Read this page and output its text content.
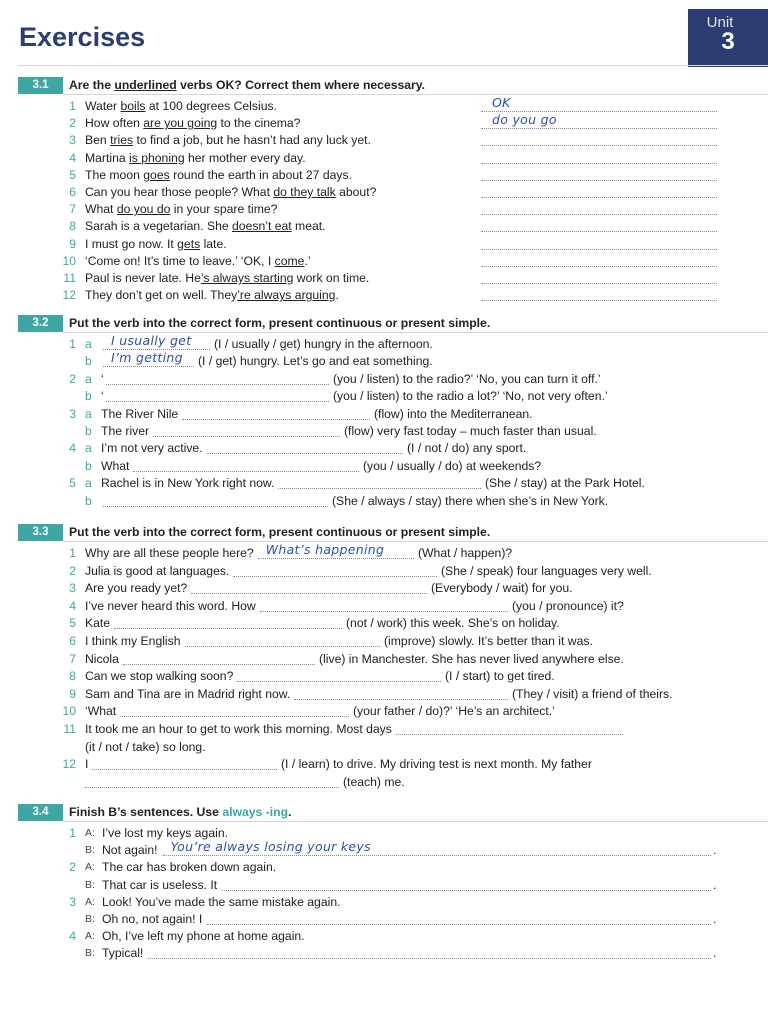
Exercises	Unit
3
3.1	Are the underlined verbs OK? Correct them where necessary.
1 Water boils at 100 degrees Celsius.	OK
2 How often are you going to the cinema?	do you go
3 Ben tries to find a job, but he hasn’t had any luck yet.
4 Martina is phoning her mother every day.
5 The moon goes round the earth in about 27 days.
6 Can you hear those people? What do they talk about?
7 What do you do in your spare time?
8 Sarah is a vegetarian. She doesn’t eat meat.
9 I must go now. It gets late.
10 ‘Come on! It’s time to leave.’ ‘OK, I come.’
11 Paul is never late. He’s always starting work on time.
12 They don’t get on well. They’re always arguing.
3.2	Put the verb into the correct form, present continuous or present simple.
1 a I usually get (I / usually / get) hungry in the afternoon.
b I’m getting (I / get) hungry. Let’s go and eat something.
2 a ‘	(you / listen) to the radio?’ ‘No, you can turn it off.’
b ‘	(you / listen) to the radio a lot?’ ‘No, not very often.’
3 a The River Nile	(flow) into the Mediterranean.
b The river	(flow) very fast today – much faster than usual.
4 a I’m not very active.	(I / not / do) any sport.
b What	(you / usually / do) at weekends?
5 a Rachel is in New York right now.	(She / stay) at the Park Hotel.
b	(She / always / stay) there when she’s in New York.
3.3	Put the verb into the correct form, present continuous or present simple.
1 Why are all these people here? What’s happening	(What / happen)?
2 Julia is good at languages.	(She / speak) four languages very well.
3 Are you ready yet?	(Everybody / wait) for you.
4 I’ve never heard this word. How	(you / pronounce) it?
5 Kate	(not / work) this week. She’s on holiday.
6 I think my English	(improve) slowly. It’s better than it was.
7 Nicola	(live) in Manchester. She has never lived anywhere else.
8 Can we stop walking soon?	(I / start) to get tired.
9 Sam and Tina are in Madrid right now.	(They / visit) a friend of theirs.
10 ‘What	(your father / do)?’ ‘He’s an architect.’
11 It took me an hour to get to work this morning. Most days
(it / not / take) so long.
12 I	(I / learn) to drive. My driving test is next month. My father
(teach) me.
3.4	Finish B’s sentences. Use always -ing.
1 A: I’ve lost my keys again.
B: Not again! You’re always losing your keys	.
2 A: The car has broken down again.
B: That car is useless. It	.
3 A: Look! You’ve made the same mistake again.
B: Oh no, not again! I	.
4 A: Oh, I’ve left my phone at home again.
B: Typical!	.
